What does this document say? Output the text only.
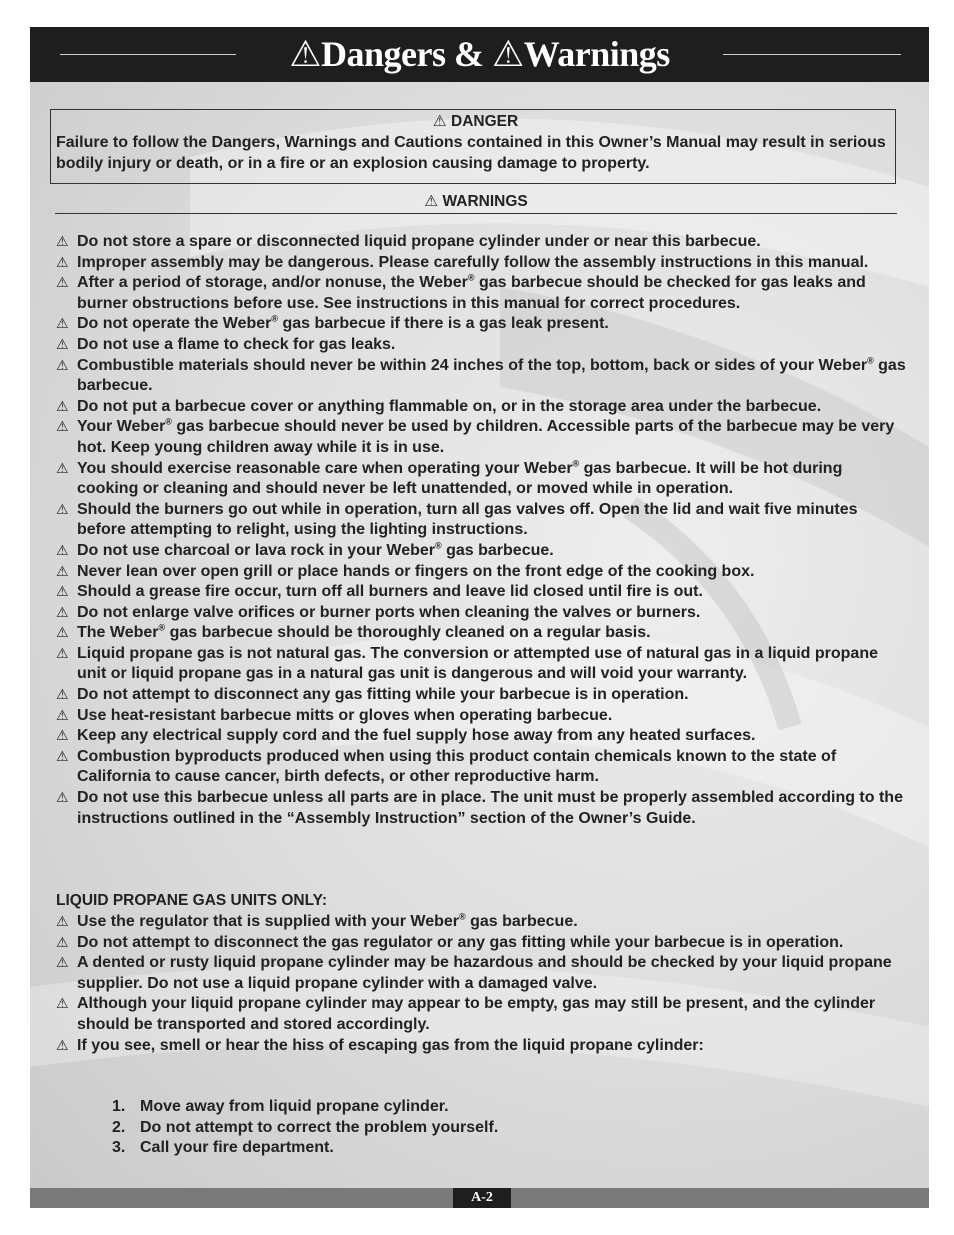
⚠Dangers & ⚠Warnings
⚠ DANGER
Failure to follow the Dangers, Warnings and Cautions contained in this Owner’s Manual may result in serious bodily injury or death, or in a fire or an explosion causing damage to property.
⚠ WARNINGS

⚠ Do not store a spare or disconnected liquid propane cylinder under or near this barbecue.

⚠ Improper assembly may be dangerous. Please carefully follow the assembly instructions in this manual.

⚠ After a period of storage, and/or nonuse, the Weber® gas barbecue should be checked for gas leaks and burner obstructions before use. See instructions in this manual for correct procedures.

⚠ Do not operate the Weber® gas barbecue if there is a gas leak present.

⚠ Do not use a flame to check for gas leaks.

⚠ Combustible materials should never be within 24 inches of the top, bottom, back or sides of your Weber® gas barbecue.

⚠ Do not put a barbecue cover or anything flammable on, or in the storage area under the barbecue.

⚠ Your Weber® gas barbecue should never be used by children. Accessible parts of the barbecue may be very hot. Keep young children away while it is in use.

⚠ You should exercise reasonable care when operating your Weber® gas barbecue. It will be hot during cooking or cleaning and should never be left unattended, or moved while in operation.

⚠ Should the burners go out while in operation, turn all gas valves off. Open the lid and wait five minutes before attempting to relight, using the lighting instructions.

⚠ Do not use charcoal or lava rock in your Weber® gas barbecue.

⚠ Never lean over open grill or place hands or fingers on the front edge of the cooking box.

⚠ Should a grease fire occur, turn off all burners and leave lid closed until fire is out.

⚠ Do not enlarge valve orifices or burner ports when cleaning the valves or burners.

⚠ The Weber® gas barbecue should be thoroughly cleaned on a regular basis.

⚠ Liquid propane gas is not natural gas. The conversion or attempted use of natural gas in a liquid propane unit or liquid propane gas in a natural gas unit is dangerous and will void your warranty.

⚠ Do not attempt to disconnect any gas fitting while your barbecue is in operation.

⚠ Use heat-resistant barbecue mitts or gloves when operating barbecue.

⚠ Keep any electrical supply cord and the fuel supply hose away from any heated surfaces.

⚠ Combustion byproducts produced when using this product contain chemicals known to the state of California to cause cancer, birth defects, or other reproductive harm.

⚠ Do not use this barbecue unless all parts are in place. The unit must be properly assembled according to the instructions outlined in the “Assembly Instruction” section of the Owner’s Guide.

LIQUID PROPANE GAS UNITS ONLY:

⚠ Use the regulator that is supplied with your Weber® gas barbecue.

⚠ Do not attempt to disconnect the gas regulator or any gas fitting while your barbecue is in operation.

⚠ A dented or rusty liquid propane cylinder may be hazardous and should be checked by your liquid propane supplier. Do not use a liquid propane cylinder with a damaged valve.

⚠ Although your liquid propane cylinder may appear to be empty, gas may still be present, and the cylinder should be transported and stored accordingly.

⚠ If you see, smell or hear the hiss of escaping gas from the liquid propane cylinder:

1. Move away from liquid propane cylinder.

2. Do not attempt to correct the problem yourself.

3. Call your fire department.

A-2
